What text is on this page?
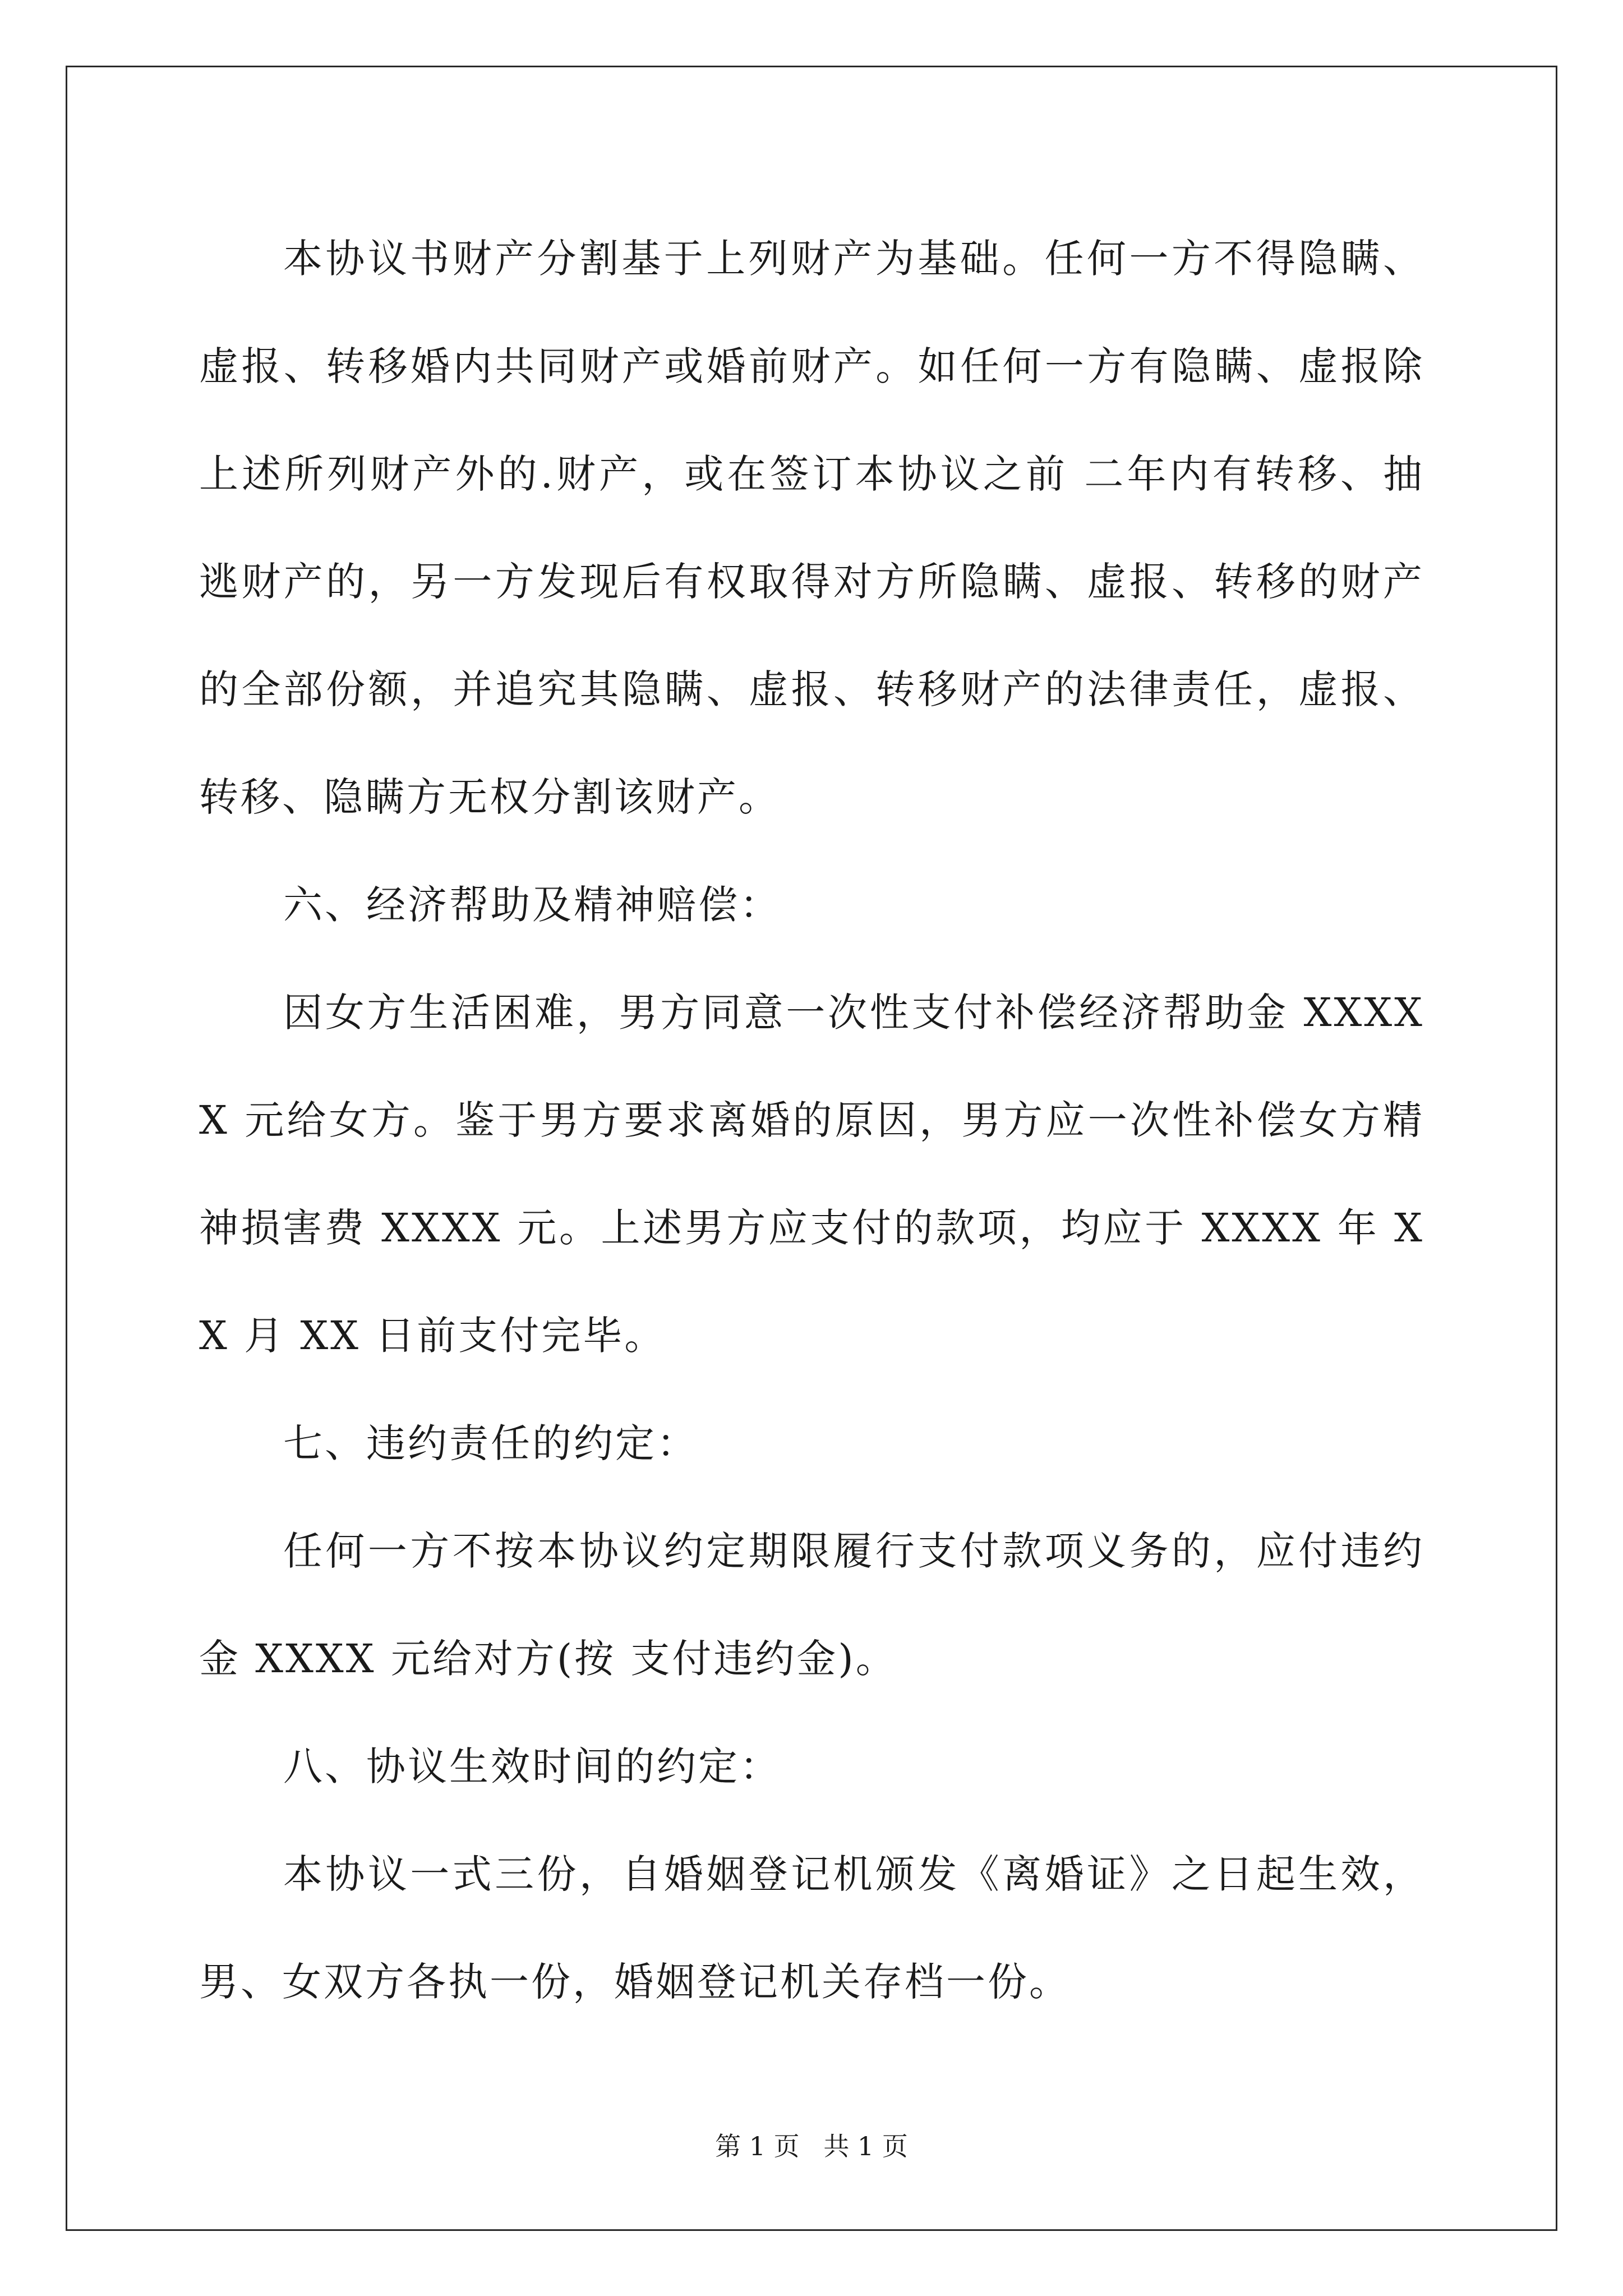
本协议书财产分割基于上列财产为基础。任何一方不得隐瞒、虚报、转移婚内共同财产或婚前财产。如任何一方有隐瞒、虚报除上述所列财产外的.财产，或在签订本协议之前 二年内有转移、抽逃财产的，另一方发现后有权取得对方所隐瞒、虚报、转移的财产的全部份额，并追究其隐瞒、虚报、转移财产的法律责任，虚报、转移、隐瞒方无权分割该财产。

六、经济帮助及精神赔偿：

因女方生活困难，男方同意一次性支付补偿经济帮助金 XXXXX 元给女方。鉴于男方要求离婚的原因，男方应一次性补偿女方精神损害费 XXXX 元。上述男方应支付的款项，均应于 XXXX 年 XX 月 XX 日前支付完毕。

七、违约责任的约定：

任何一方不按本协议约定期限履行支付款项义务的，应付违约金 XXXX 元给对方(按 支付违约金)。

八、协议生效时间的约定：

本协议一式三份，自婚姻登记机颁发《离婚证》之日起生效，男、女双方各执一份，婚姻登记机关存档一份。

第 1 页 共 1 页
